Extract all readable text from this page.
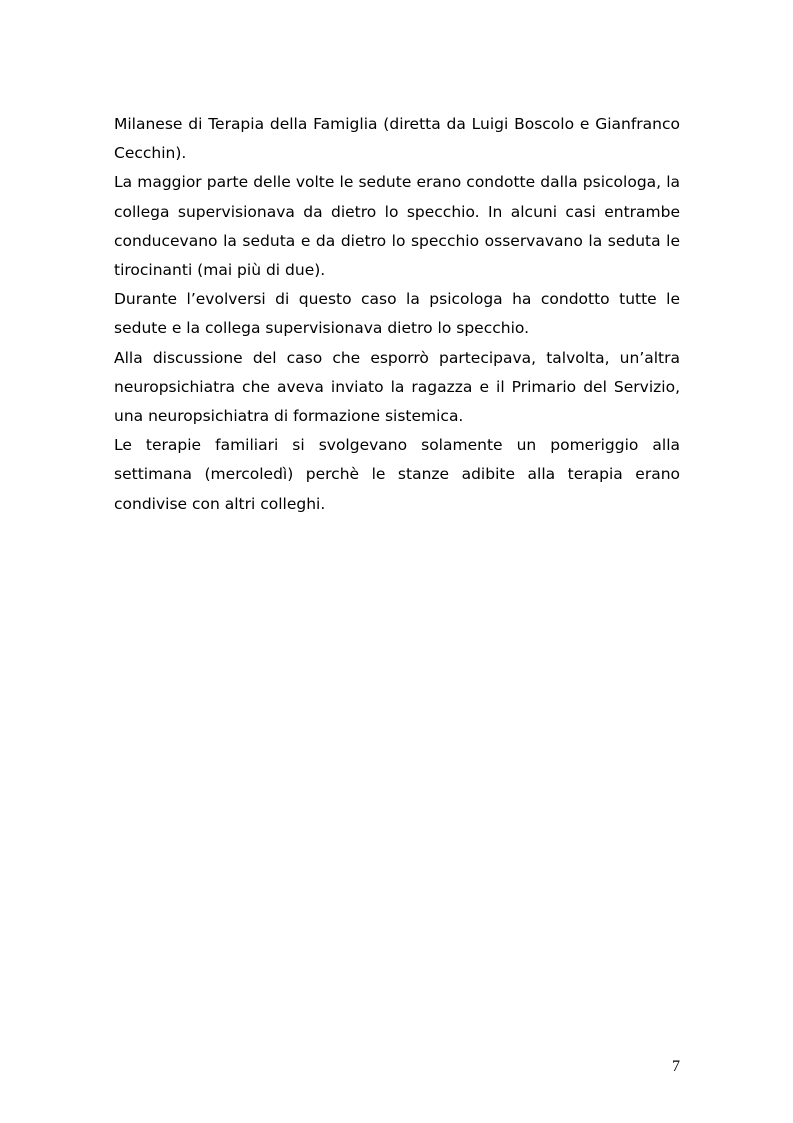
Milanese di Terapia della Famiglia (diretta da Luigi Boscolo e Gianfranco Cecchin).

La maggior parte delle volte le sedute erano condotte dalla psicologa, la collega supervisionava da dietro lo specchio. In alcuni casi entrambe conducevano la seduta e da dietro lo specchio osservavano la seduta le tirocinanti (mai più di due).

Durante l’evolversi di questo caso la psicologa ha condotto tutte le sedute e la collega supervisionava dietro lo specchio.

Alla discussione del caso che esporrò partecipava, talvolta, un’altra neuropsichiatra che aveva inviato la ragazza e il Primario del Servizio, una neuropsichiatra di formazione sistemica.

Le terapie familiari si svolgevano solamente un pomeriggio alla settimana (mercoledì) perchè le stanze adibite alla terapia erano condivise con altri colleghi.

7
